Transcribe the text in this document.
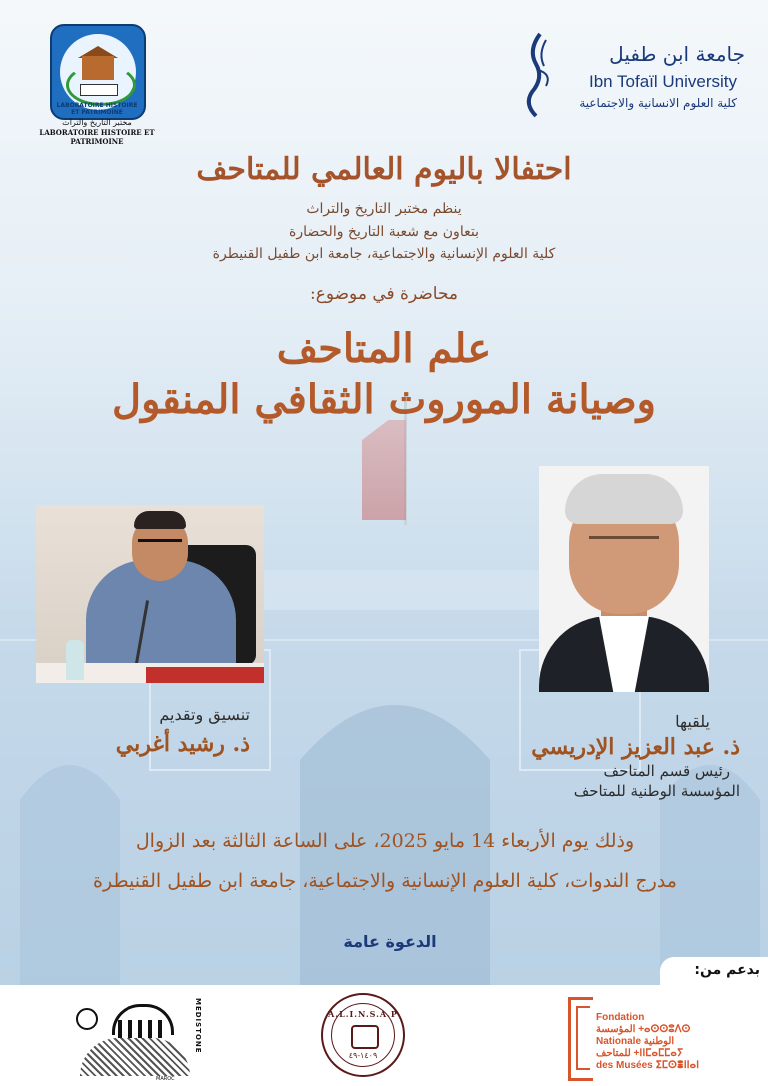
LABORATOIRE HISTOIRE ET PATRIMOINE
مختبر التاريخ والتراث
LABORATOIRE HISTOIRE ET PATRIMOINE
جامعة ابن طفيل
Ibn Tofaïl University
كلية العلوم الانسانية والاجتماعية
احتفالا باليوم العالمي للمتاحف
ينظم مختبر التاريخ والتراث
بتعاون مع شعبة التاريخ والحضارة
كلية العلوم الإنسانية والاجتماعية، جامعة ابن طفيل القنيطرة
محاضرة في موضوع:
علم المتاحف
وصيانة الموروث الثقافي المنقول
تنسيق وتقديم
ذ. رشيد أغربي
يلقيها
ذ. عبد العزيز الإدريسي
رئيس قسم المتاحف
المؤسسة الوطنية للمتاحف
وذلك يوم الأربعاء 14 مايو 2025، على الساعة الثالثة بعد الزوال
مدرج الندوات، كلية العلوم الإنسانية والاجتماعية، جامعة ابن طفيل القنيطرة
الدعوة عامة
بدعم من:
MEDISTONE
MAROC
A.L.I.N.S.A.P
١٤٠٩-٤٩
Fondation
المؤسسة +ⴰⵙⵙⵓⴷⵙ
Nationale الوطنية
للمتاحف +ⵏⵏⵎⴰⵎⵎⴰⵢ
des Musées ⵉⵎⵙⴻⵏⵏⴰⵏ
